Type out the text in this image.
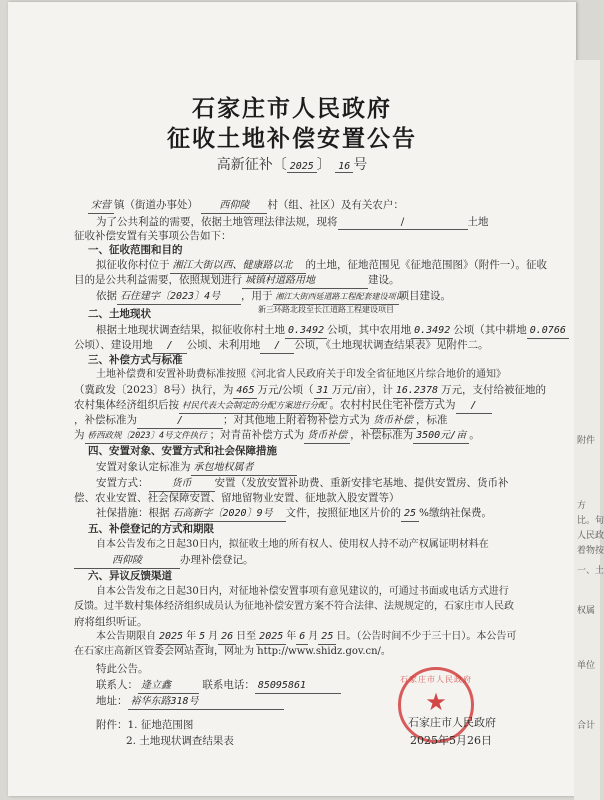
石家庄市人民政府
征收土地补偿安置公告
高新征补〔 2025 〕 16 号
宋营 镇（街道办事处） 西仰陵 村（组、社区）及有关农户：
为了公共利益的需要，依据土地管理法律法规，现将	/	土地
征收补偿安置有关事项公告如下：
一、征收范围和目的
拟征收你村位于 湘江大街以西、健康路以北 的土地，征地范围见《征地范围图》（附件一）。征收
目的是公共利益需要，依照规划进行 城镇村道路用地	建设。
依据 石住建字〔2023〕4号 ，用于 湘江大街西延道路工程配套建设项目项目建设。
新三环路北段至长江道路工程建设项目
二、土地现状
根据土地现状调查结果，拟征收你村土地 0.3492 公顷，其中农用地 0.3492 公顷（其中耕地 0.0766
公顷）、建设用地 / 公顷、未利用地 / 公顷，《土地现状调查结果表》见附件二。
三、补偿方式与标准
土地补偿费和安置补助费标准按照《河北省人民政府关于印发全省征地区片综合地价的通知》
（冀政发〔2023〕8号）执行，为 465 万元/公顷（ 31 万元/亩），计 16.2378 万元，支付给被征地的
农村集体经济组织后按 村民代表大会制定的分配方案进行分配 。农村村民住宅补偿方式为 /
，补偿标准为	/	；对其他地上附着物补偿方式为 货币补偿 ，标准
为 桥西政规〔2023〕4号文件执行 ；对青苗补偿方式为 货币补偿 ，补偿标准为 3500元/亩 。
四、安置对象、安置方式和社会保障措施
安置对象认定标准为 承包地权属者
安置方式： 货币 安置（发放安置补助费、重新安排宅基地、提供安置房、货币补
偿、农业安置、社会保障安置、留地留物业安置、征地款入股安置等）
社保措施：根据 石高新字〔2020〕9号 文件，按照征地区片价的 25 %缴纳社保费。
五、补偿登记的方式和期限
自本公告发布之日起30日内，拟征收土地的所有权人、使用权人持不动产权属证明材料在
西仰陵	办理补偿登记。
六、异议反馈渠道
自本公告发布之日起30日内，对征地补偿安置事项有意见建议的，可通过书面或电话方式进行
反馈。过半数村集体经济组织成员认为征地补偿安置方案不符合法律、法规规定的，石家庄市人民政
府将组织听证。
本公告期限自 2025 年 5 月 26 日至 2025 年 6 月 25 日。（公告时间不少于三十日）。本公告可
在石家庄高新区管委会网站查询，网址为 http://www.shidz.gov.cn/。
特此公告。
联系人： 逄立鑫	联系电话： 85095861
地址： 裕华东路318号
附件：1. 征地范围图
2. 土地现状调查结果表
石家庄市人民政府
★
石家庄市人民政府
2025年5月26日
附件
方
比。旬
人民政
着物按
一、土
权属
单位
合计
